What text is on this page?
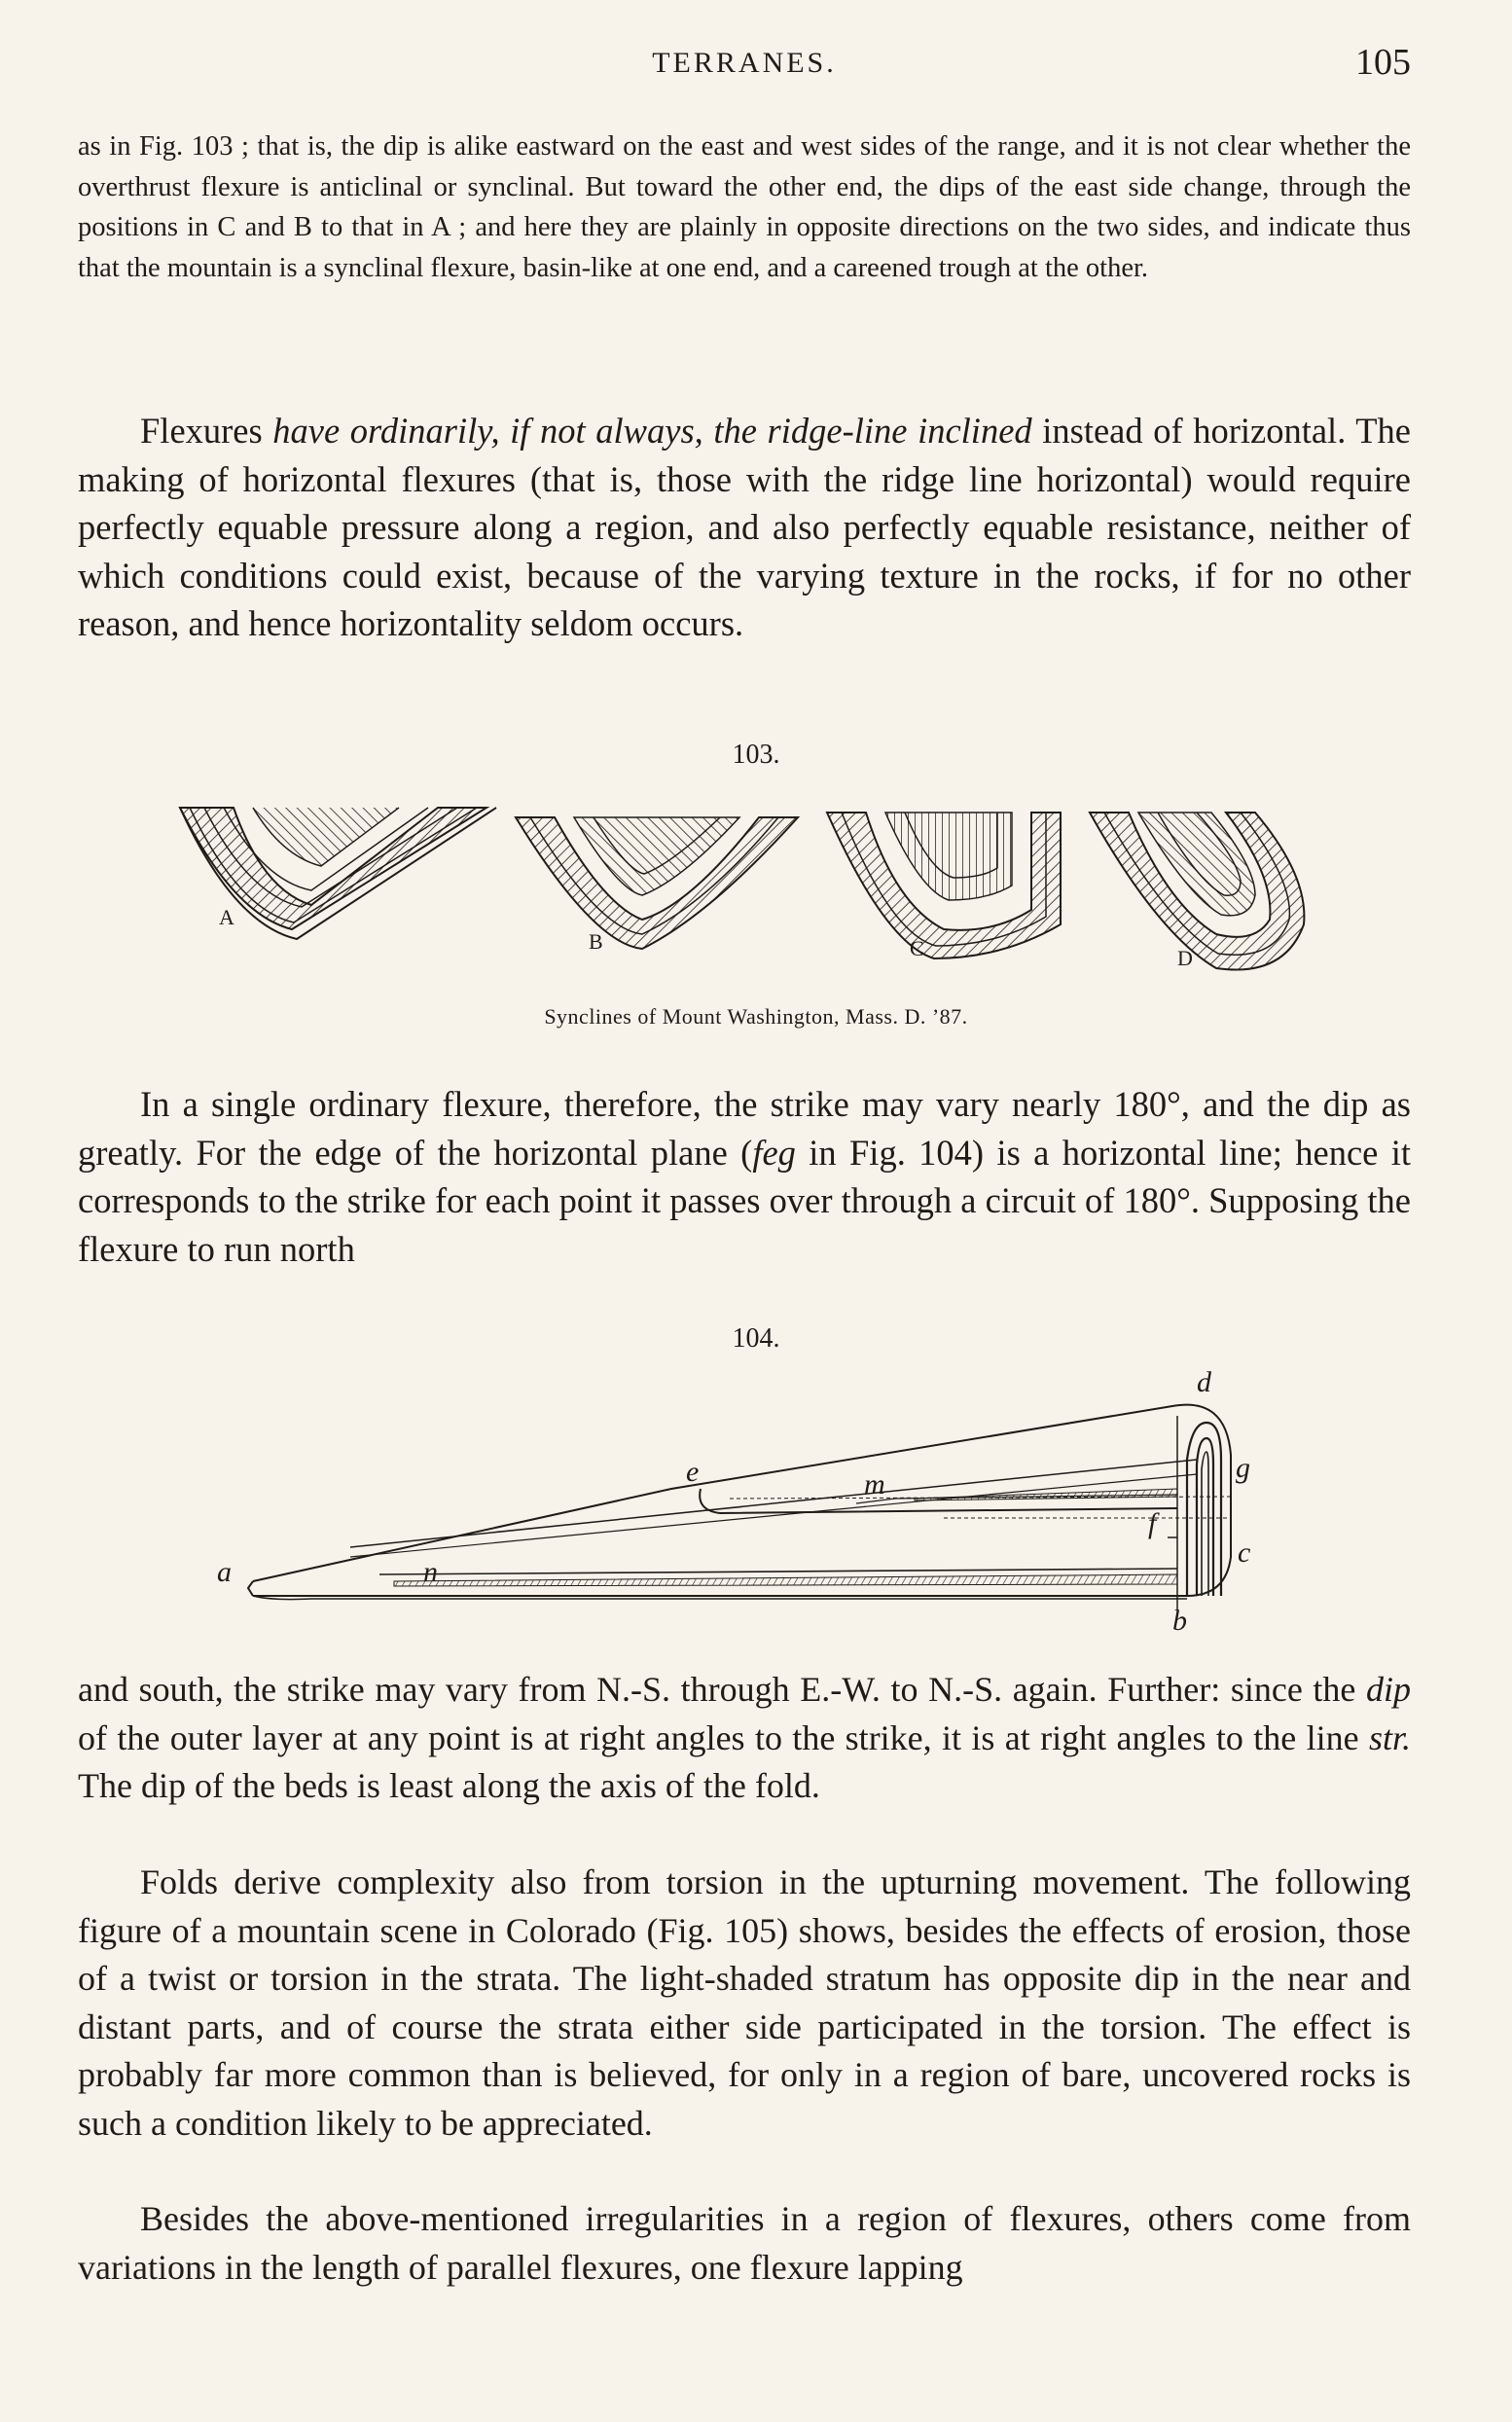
TERRANES.	105

as in Fig. 103 ; that is, the dip is alike eastward on the east and west sides of the range, and it is not clear whether the overthrust flexure is anticlinal or synclinal. But toward the other end, the dips of the east side change, through the positions in C and B to that in A ; and here they are plainly in opposite directions on the two sides, and indicate thus that the mountain is a synclinal flexure, basin-like at one end, and a careened trough at the other.

Flexures have ordinarily, if not always, the ridge-line inclined instead of horizontal. The making of horizontal flexures (that is, those with the ridge line horizontal) would require perfectly equable pressure along a region, and also perfectly equable resistance, neither of which conditions could exist, because of the varying texture in the rocks, if for no other reason, and hence horizontality seldom occurs.

103.
A
B	C	D
Synclines of Mount Washington, Mass. D. ’87.

In a single ordinary flexure, therefore, the strike may vary nearly 180°, and the dip as greatly. For the edge of the horizontal plane (feg in Fig. 104) is a horizontal line; hence it corresponds to the strike for each point it passes over through a circuit of 180°. Supposing the flexure to run north

104.
a
b
c
d
e
f
g
m
n

and south, the strike may vary from N.-S. through E.-W. to N.-S. again. Further: since the dip of the outer layer at any point is at right angles to the strike, it is at right angles to the line str. The dip of the beds is least along the axis of the fold.

Folds derive complexity also from torsion in the upturning movement. The following figure of a mountain scene in Colorado (Fig. 105) shows, besides the effects of erosion, those of a twist or torsion in the strata. The light-shaded stratum has opposite dip in the near and distant parts, and of course the strata either side participated in the torsion. The effect is probably far more common than is believed, for only in a region of bare, uncovered rocks is such a condition likely to be appreciated.

Besides the above-mentioned irregularities in a region of flexures, others come from variations in the length of parallel flexures, one flexure lapping
